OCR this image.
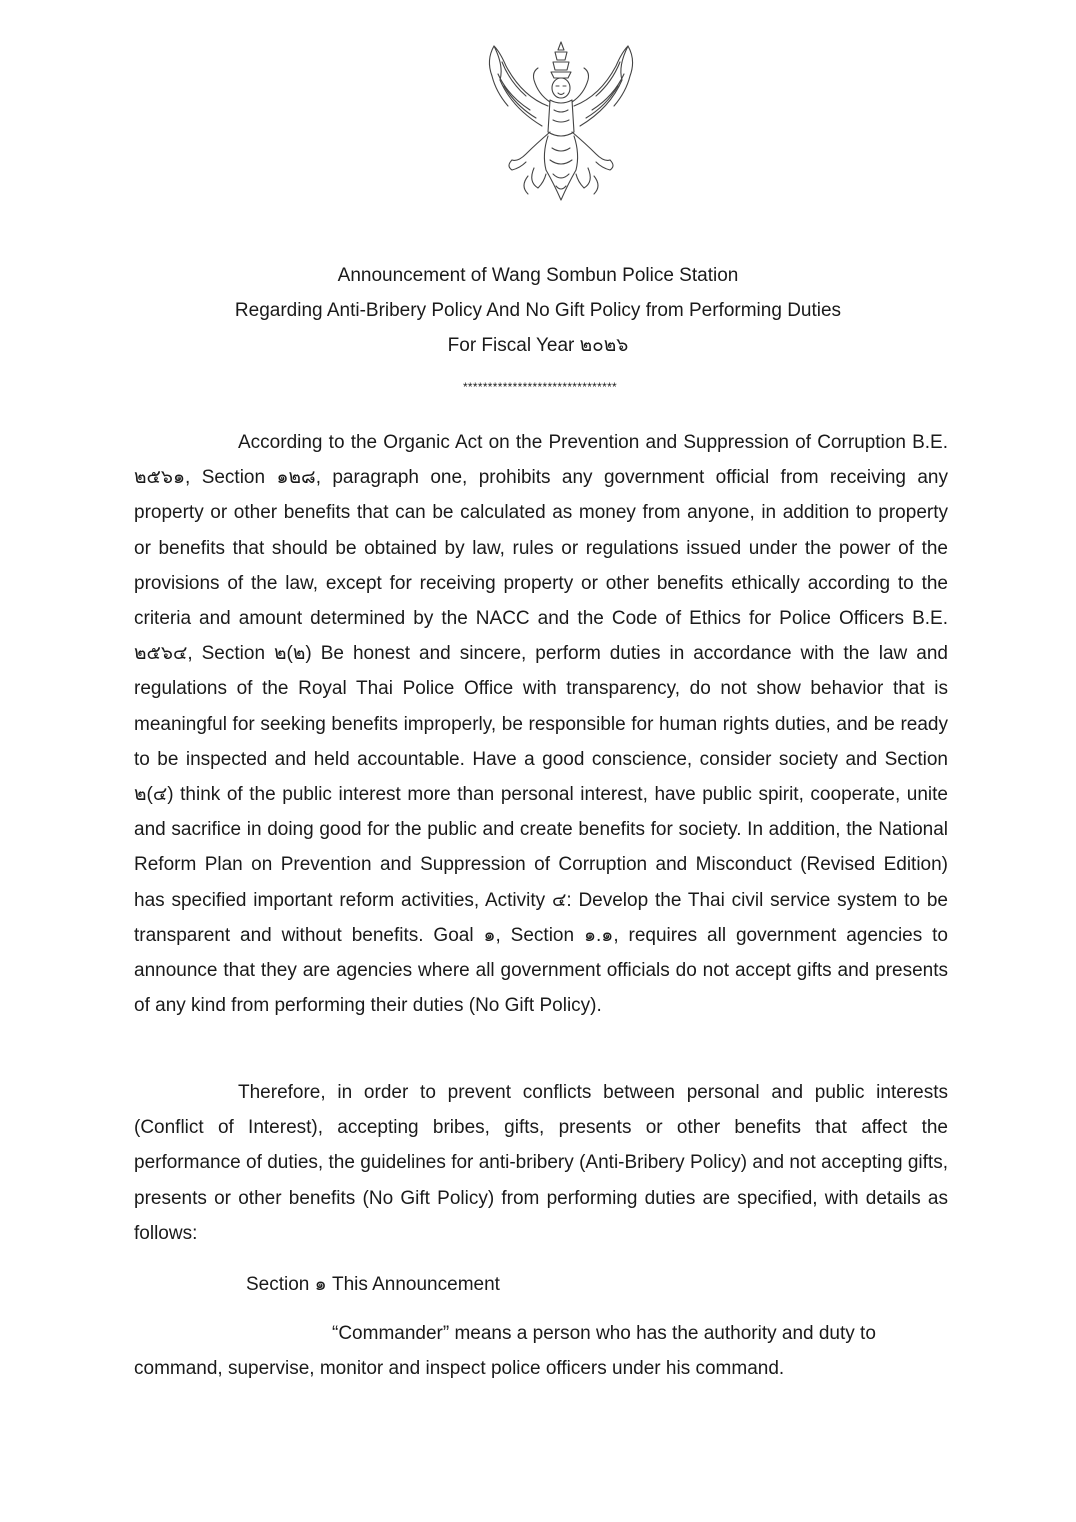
Announcement of Wang Sombun Police Station
Regarding Anti-Bribery Policy And No Gift Policy from Performing Duties
For Fiscal Year ๒๐๒๖
*******************************

According to the Organic Act on the Prevention and Suppression of Corruption B.E. ๒๕๖๑, Section ๑๒๘, paragraph one, prohibits any government official from receiving any property or other benefits that can be calculated as money from anyone, in addition to property or benefits that should be obtained by law, rules or regulations issued under the power of the provisions of the law, except for receiving property or other benefits ethically according to the criteria and amount determined by the NACC and the Code of Ethics for Police Officers B.E. ๒๕๖๔, Section ๒(๒) Be honest and sincere, perform duties in accordance with the law and regulations of the Royal Thai Police Office with transparency, do not show behavior that is meaningful for seeking benefits improperly, be responsible for human rights duties, and be ready to be inspected and held accountable. Have a good conscience, consider society and Section ๒(๔) think of the public interest more than personal interest, have public spirit, cooperate, unite and sacrifice in doing good for the public and create benefits for society. In addition, the National Reform Plan on Prevention and Suppression of Corruption and Misconduct (Revised Edition) has specified important reform activities, Activity ๔: Develop the Thai civil service system to be transparent and without benefits. Goal ๑, Section ๑.๑, requires all government agencies to announce that they are agencies where all government officials do not accept gifts and presents of any kind from performing their duties (No Gift Policy).

Therefore, in order to prevent conflicts between personal and public interests (Conflict of Interest), accepting bribes, gifts, presents or other benefits that affect the performance of duties, the guidelines for anti-bribery (Anti-Bribery Policy) and not accepting gifts, presents or other benefits (No Gift Policy) from performing duties are specified, with details as follows:

Section ๑ This Announcement

“Commander” means a person who has the authority and duty to command, supervise, monitor and inspect police officers under his command.
